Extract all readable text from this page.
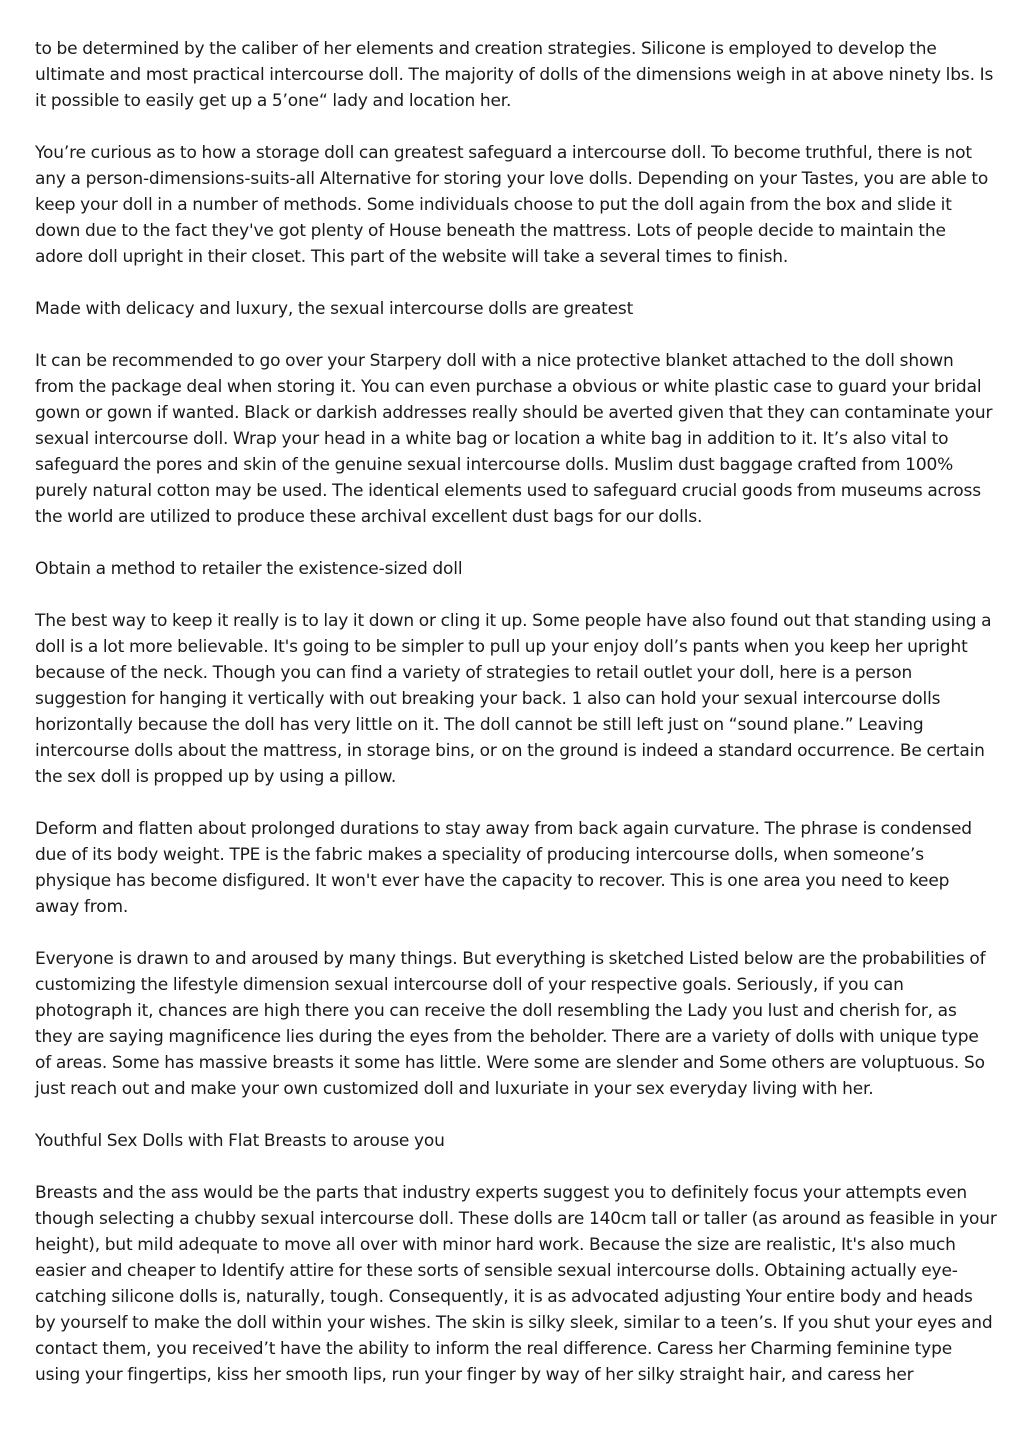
to be determined by the caliber of her elements and creation strategies. Silicone is employed to develop the ultimate and most practical intercourse doll. The majority of dolls of the dimensions weigh in at above ninety lbs. Is it possible to easily get up a 5’one“ lady and location her.

You’re curious as to how a storage doll can greatest safeguard a intercourse doll. To become truthful, there is not any a person-dimensions-suits-all Alternative for storing your love dolls. Depending on your Tastes, you are able to keep your doll in a number of methods. Some individuals choose to put the doll again from the box and slide it down due to the fact they've got plenty of House beneath the mattress. Lots of people decide to maintain the adore doll upright in their closet. This part of the website will take a several times to finish.

Made with delicacy and luxury, the sexual intercourse dolls are greatest

It can be recommended to go over your Starpery doll with a nice protective blanket attached to the doll shown from the package deal when storing it. You can even purchase a obvious or white plastic case to guard your bridal gown or gown if wanted. Black or darkish addresses really should be averted given that they can contaminate your sexual intercourse doll. Wrap your head in a white bag or location a white bag in addition to it. It’s also vital to safeguard the pores and skin of the genuine sexual intercourse dolls. Muslim dust baggage crafted from 100% purely natural cotton may be used. The identical elements used to safeguard crucial goods from museums across the world are utilized to produce these archival excellent dust bags for our dolls.

Obtain a method to retailer the existence-sized doll

The best way to keep it really is to lay it down or cling it up. Some people have also found out that standing using a doll is a lot more believable. It's going to be simpler to pull up your enjoy doll’s pants when you keep her upright because of the neck. Though you can find a variety of strategies to retail outlet your doll, here is a person suggestion for hanging it vertically with out breaking your back. 1 also can hold your sexual intercourse dolls horizontally because the doll has very little on it. The doll cannot be still left just on “sound plane.” Leaving intercourse dolls about the mattress, in storage bins, or on the ground is indeed a standard occurrence. Be certain the sex doll is propped up by using a pillow.

Deform and flatten about prolonged durations to stay away from back again curvature. The phrase is condensed due of its body weight. TPE is the fabric makes a speciality of producing intercourse dolls, when someone’s physique has become disfigured. It won't ever have the capacity to recover. This is one area you need to keep away from.

Everyone is drawn to and aroused by many things. But everything is sketched Listed below are the probabilities of customizing the lifestyle dimension sexual intercourse doll of your respective goals. Seriously, if you can photograph it, chances are high there you can receive the doll resembling the Lady you lust and cherish for, as they are saying magnificence lies during the eyes from the beholder. There are a variety of dolls with unique type of areas. Some has massive breasts it some has little. Were some are slender and Some others are voluptuous. So just reach out and make your own customized doll and luxuriate in your sex everyday living with her.

Youthful Sex Dolls with Flat Breasts to arouse you

Breasts and the ass would be the parts that industry experts suggest you to definitely focus your attempts even though selecting a chubby sexual intercourse doll. These dolls are 140cm tall or taller (as around as feasible in your height), but mild adequate to move all over with minor hard work. Because the size are realistic, It's also much easier and cheaper to Identify attire for these sorts of sensible sexual intercourse dolls. Obtaining actually eye-catching silicone dolls is, naturally, tough. Consequently, it is as advocated adjusting Your entire body and heads by yourself to make the doll within your wishes. The skin is silky sleek, similar to a teen’s. If you shut your eyes and contact them, you received’t have the ability to inform the real difference. Caress her Charming feminine type using your fingertips, kiss her smooth lips, run your finger by way of her silky straight hair, and caress her
